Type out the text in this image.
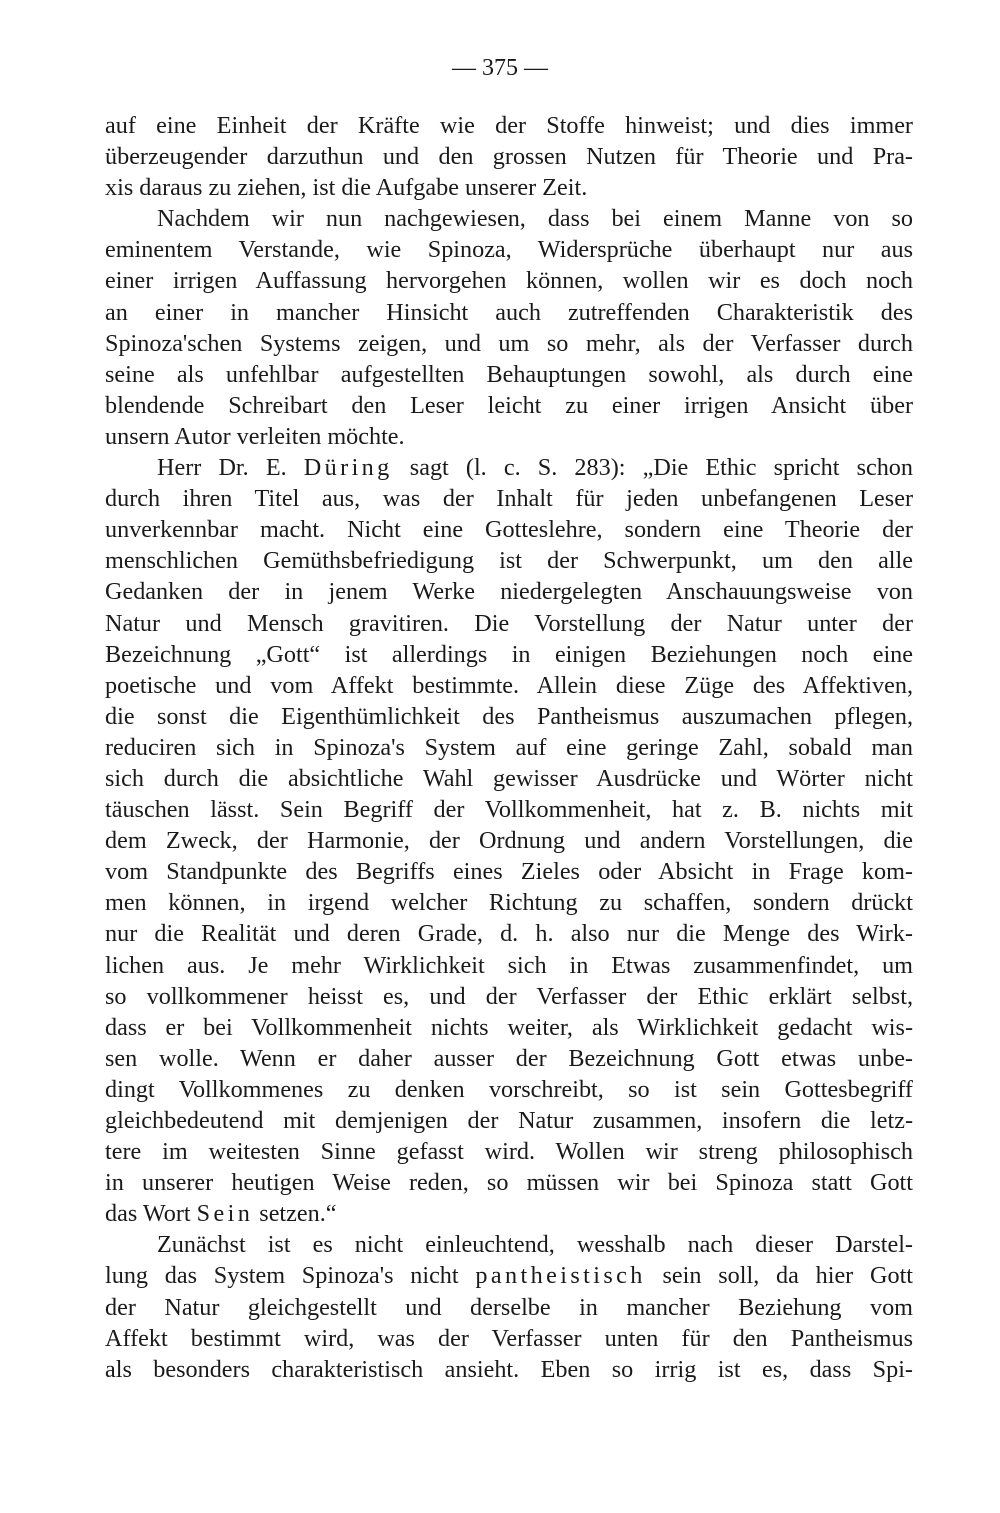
— 375 —
auf eine Einheit der Kräfte wie der Stoffe hinweist; und dies immer
überzeugender darzuthun und den grossen Nutzen für Theorie und Pra-
xis daraus zu ziehen, ist die Aufgabe unserer Zeit.
Nachdem wir nun nachgewiesen, dass bei einem Manne von so
eminentem Verstande, wie Spinoza, Widersprüche überhaupt nur aus
einer irrigen Auffassung hervorgehen können, wollen wir es doch noch
an einer in mancher Hinsicht auch zutreffenden Charakteristik des
Spinoza'schen Systems zeigen, und um so mehr, als der Verfasser durch
seine als unfehlbar aufgestellten Behauptungen sowohl, als durch eine
blendende Schreibart den Leser leicht zu einer irrigen Ansicht über
unsern Autor verleiten möchte.
Herr Dr. E. Düring sagt (l. c. S. 283): „Die Ethic spricht schon
durch ihren Titel aus, was der Inhalt für jeden unbefangenen Leser
unverkennbar macht. Nicht eine Gotteslehre, sondern eine Theorie der
menschlichen Gemüthsbefriedigung ist der Schwerpunkt, um den alle
Gedanken der in jenem Werke niedergelegten Anschauungsweise von
Natur und Mensch gravitiren. Die Vorstellung der Natur unter der
Bezeichnung „Gott“ ist allerdings in einigen Beziehungen noch eine
poetische und vom Affekt bestimmte. Allein diese Züge des Affektiven,
die sonst die Eigenthümlichkeit des Pantheismus auszumachen pflegen,
reduciren sich in Spinoza's System auf eine geringe Zahl, sobald man
sich durch die absichtliche Wahl gewisser Ausdrücke und Wörter nicht
täuschen lässt. Sein Begriff der Vollkommenheit, hat z. B. nichts mit
dem Zweck, der Harmonie, der Ordnung und andern Vorstellungen, die
vom Standpunkte des Begriffs eines Zieles oder Absicht in Frage kom-
men können, in irgend welcher Richtung zu schaffen, sondern drückt
nur die Realität und deren Grade, d. h. also nur die Menge des Wirk-
lichen aus. Je mehr Wirklichkeit sich in Etwas zusammenfindet, um
so vollkommener heisst es, und der Verfasser der Ethic erklärt selbst,
dass er bei Vollkommenheit nichts weiter, als Wirklichkeit gedacht wis-
sen wolle. Wenn er daher ausser der Bezeichnung Gott etwas unbe-
dingt Vollkommenes zu denken vorschreibt, so ist sein Gottesbegriff
gleichbedeutend mit demjenigen der Natur zusammen, insofern die letz-
tere im weitesten Sinne gefasst wird. Wollen wir streng philosophisch
in unserer heutigen Weise reden, so müssen wir bei Spinoza statt Gott
das Wort Sein setzen.“
Zunächst ist es nicht einleuchtend, wesshalb nach dieser Darstel-
lung das System Spinoza's nicht pantheistisch sein soll, da hier Gott
der Natur gleichgestellt und derselbe in mancher Beziehung vom
Affekt bestimmt wird, was der Verfasser unten für den Pantheismus
als besonders charakteristisch ansieht. Eben so irrig ist es, dass Spi-
